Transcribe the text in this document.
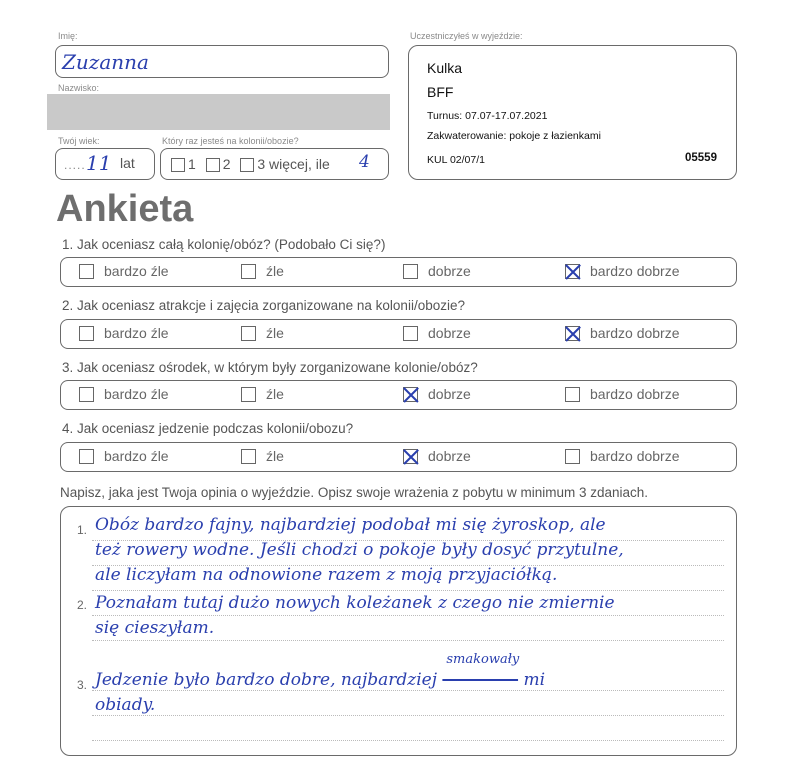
Imię:
Zuzanna
Nazwisko:
Twój wiek:
..... 11 lat
Który raz jesteś na kolonii/obozie?
1 2 3 więcej, ile 4
Uczestniczyłeś w wyjeździe:
Kulka
BFF
Turnus: 07.07-17.07.2021
Zakwaterowanie: pokoje z łazienkami
KUL 02/07/1	05559
Ankieta
1. Jak oceniasz całą kolonię/obóz? (Podobało Ci się?)
bardzo źle	źle	dobrze	bardzo dobrze
2. Jak oceniasz atrakcje i zajęcia zorganizowane na kolonii/obozie?
bardzo źle	źle	dobrze	bardzo dobrze
3. Jak oceniasz ośrodek, w którym były zorganizowane kolonie/obóz?
bardzo źle	źle	dobrze	bardzo dobrze
4. Jak oceniasz jedzenie podczas kolonii/obozu?
bardzo źle	źle	dobrze	bardzo dobrze
Napisz, jaka jest Twoja opinia o wyjeździe. Opisz swoje wrażenia z pobytu w minimum 3 zdaniach.
1.
2.
3.
Obóz bardzo fajny, najbardziej podobał mi się żyroskop, ale
też rowery wodne. Jeśli chodzi o pokoje były dosyć przytulne,
ale liczyłam na odnowione razem z moją przyjaciółką.
Poznałam tutaj dużo nowych koleżanek z czego nie zmiernie
się cieszyłam.
Jedzenie było bardzo dobre, najbardziej
smakowały
mi
obiady.
